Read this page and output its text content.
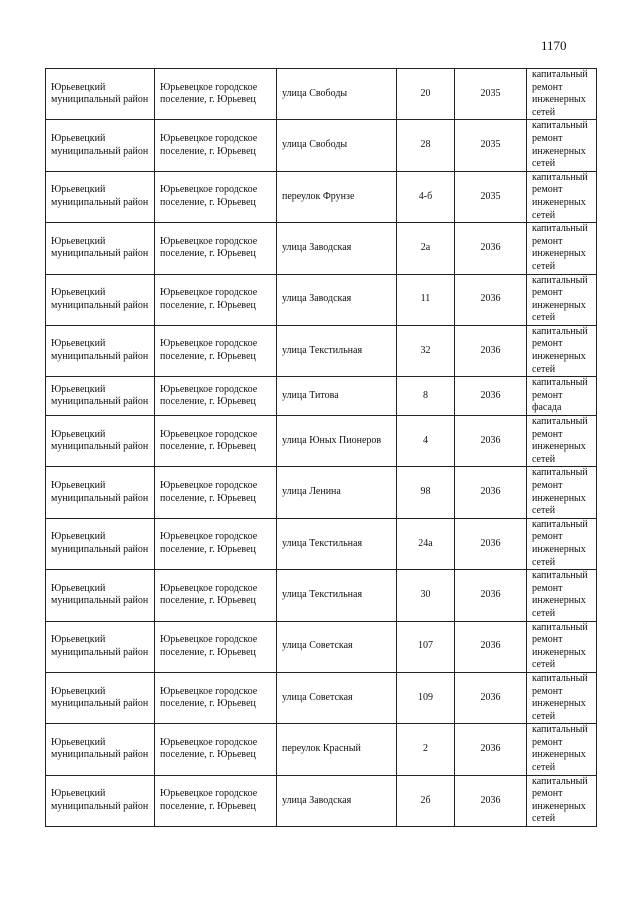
1170
Юрьевецкий муниципальный район	Юрьевецкое городское поселение, г. Юрьевец	улица Свободы	20	2035	капитальный ремонт инженерных сетей
Юрьевецкий муниципальный район	Юрьевецкое городское поселение, г. Юрьевец	улица Свободы	28	2035	капитальный ремонт инженерных сетей
Юрьевецкий муниципальный район	Юрьевецкое городское поселение, г. Юрьевец	переулок Фрунзе	4-б	2035	капитальный ремонт инженерных сетей
Юрьевецкий муниципальный район	Юрьевецкое городское поселение, г. Юрьевец	улица Заводская	2а	2036	капитальный ремонт инженерных сетей
Юрьевецкий муниципальный район	Юрьевецкое городское поселение, г. Юрьевец	улица Заводская	11	2036	капитальный ремонт инженерных сетей
Юрьевецкий муниципальный район	Юрьевецкое городское поселение, г. Юрьевец	улица Текстильная	32	2036	капитальный ремонт инженерных сетей
Юрьевецкий муниципальный район	Юрьевецкое городское поселение, г. Юрьевец	улица Титова	8	2036	капитальный ремонт фасада
Юрьевецкий муниципальный район	Юрьевецкое городское поселение, г. Юрьевец	улица Юных Пионеров	4	2036	капитальный ремонт инженерных сетей
Юрьевецкий муниципальный район	Юрьевецкое городское поселение, г. Юрьевец	улица Ленина	98	2036	капитальный ремонт инженерных сетей
Юрьевецкий муниципальный район	Юрьевецкое городское поселение, г. Юрьевец	улица Текстильная	24а	2036	капитальный ремонт инженерных сетей
Юрьевецкий муниципальный район	Юрьевецкое городское поселение, г. Юрьевец	улица Текстильная	30	2036	капитальный ремонт инженерных сетей
Юрьевецкий муниципальный район	Юрьевецкое городское поселение, г. Юрьевец	улица Советская	107	2036	капитальный ремонт инженерных сетей
Юрьевецкий муниципальный район	Юрьевецкое городское поселение, г. Юрьевец	улица Советская	109	2036	капитальный ремонт инженерных сетей
Юрьевецкий муниципальный район	Юрьевецкое городское поселение, г. Юрьевец	переулок Красный	2	2036	капитальный ремонт инженерных сетей
Юрьевецкий муниципальный район	Юрьевецкое городское поселение, г. Юрьевец	улица Заводская	2б	2036	капитальный ремонт инженерных сетей
